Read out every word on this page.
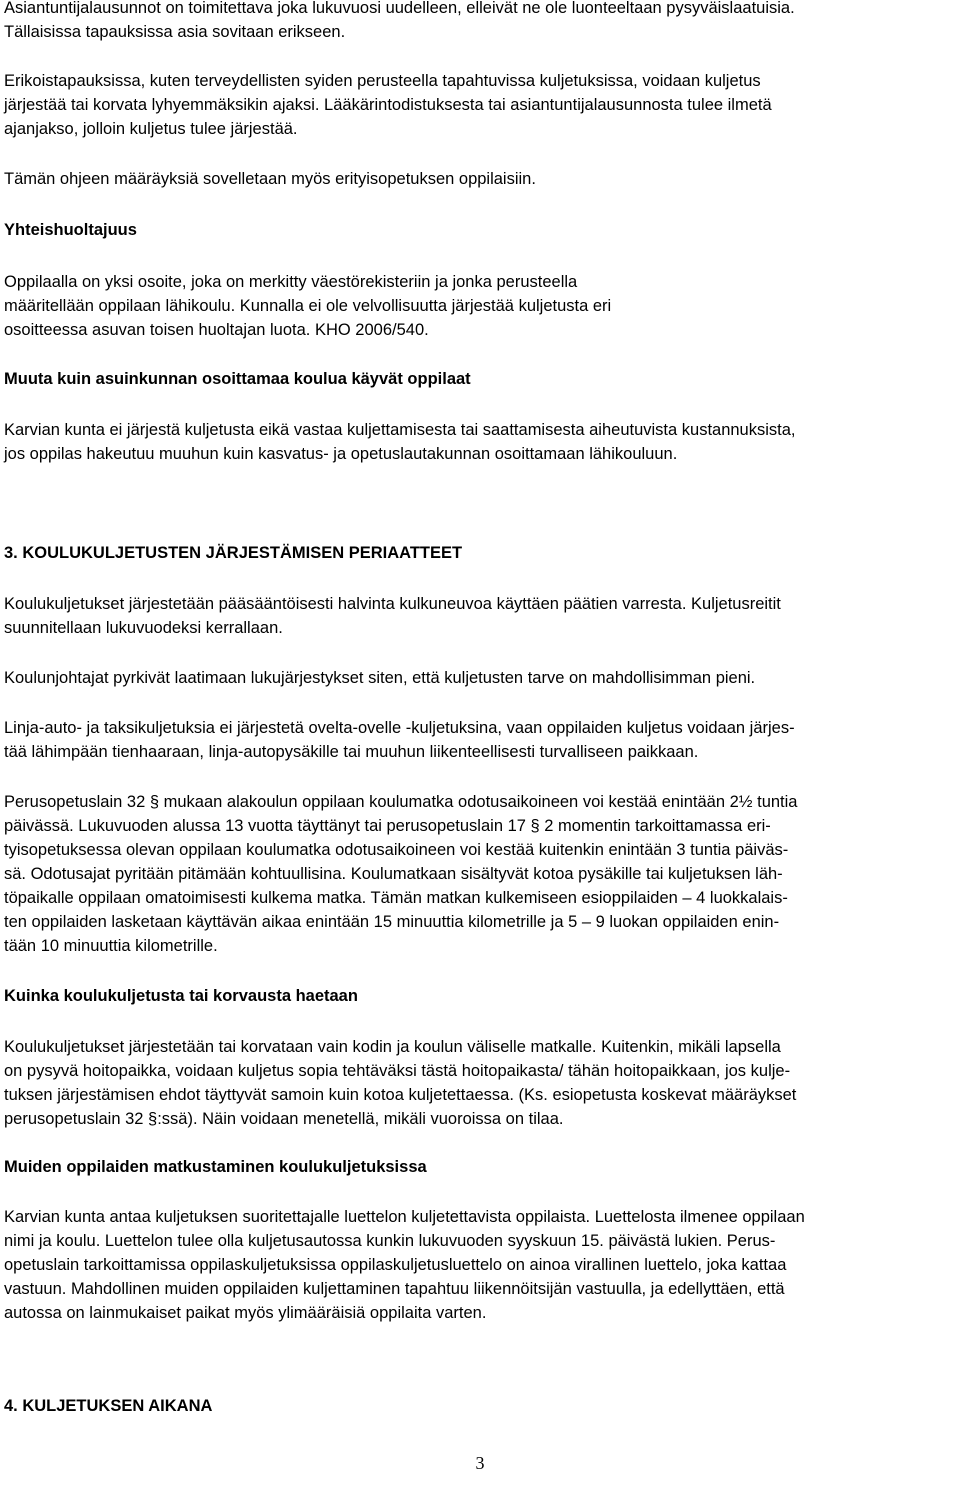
Asiantuntijalausunnot on toimitettava joka lukuvuosi uudelleen, elleivät ne ole luonteeltaan pysyväislaatuisia.
Tällaisissa tapauksissa asia sovitaan erikseen.
Erikoistapauksissa, kuten terveydellisten syiden perusteella tapahtuvissa kuljetuksissa, voidaan kuljetus
järjestää tai korvata lyhyemmäksikin ajaksi. Lääkärintodistuksesta tai asiantuntijalausunnosta tulee ilmetä
ajanjakso, jolloin kuljetus tulee järjestää.
Tämän ohjeen määräyksiä sovelletaan myös erityisopetuksen oppilaisiin.
Yhteishuoltajuus
Oppilaalla on yksi osoite, joka on merkitty väestörekisteriin ja jonka perusteella
määritellään oppilaan lähikoulu. Kunnalla ei ole velvollisuutta järjestää kuljetusta eri
osoitteessa asuvan toisen huoltajan luota. KHO 2006/540.
Muuta kuin asuinkunnan osoittamaa koulua käyvät oppilaat
Karvian kunta ei järjestä kuljetusta eikä vastaa kuljettamisesta tai saattamisesta aiheutuvista kustannuksista,
jos oppilas hakeutuu muuhun kuin kasvatus- ja opetuslautakunnan osoittamaan lähikouluun.
3. KOULUKULJETUSTEN JÄRJESTÄMISEN PERIAATTEET
Koulukuljetukset järjestetään pääsääntöisesti halvinta kulkuneuvoa käyttäen päätien varresta. Kuljetusreitit
suunnitellaan lukuvuodeksi kerrallaan.
Koulunjohtajat pyrkivät laatimaan lukujärjestykset siten, että kuljetusten tarve on mahdollisimman pieni.
Linja-auto- ja taksikuljetuksia ei järjestetä ovelta-ovelle -kuljetuksina, vaan oppilaiden kuljetus voidaan järjes-
tää lähimpään tienhaaraan, linja-autopysäkille tai muuhun liikenteellisesti turvalliseen paikkaan.
Perusopetuslain 32 § mukaan alakoulun oppilaan koulumatka odotusaikoineen voi kestää enintään 2½ tuntia
päivässä. Lukuvuoden alussa 13 vuotta täyttänyt tai perusopetuslain 17 § 2 momentin tarkoittamassa eri-
tyisopetuksessa olevan oppilaan koulumatka odotusaikoineen voi kestää kuitenkin enintään 3 tuntia päiväs-
sä. Odotusajat pyritään pitämään kohtuullisina. Koulumatkaan sisältyvät kotoa pysäkille tai kuljetuksen läh-
töpaikalle oppilaan omatoimisesti kulkema matka. Tämän matkan kulkemiseen esioppilaiden – 4 luokkalais-
ten oppilaiden lasketaan käyttävän aikaa enintään 15 minuuttia kilometrille ja 5 – 9 luokan oppilaiden enin-
tään 10 minuuttia kilometrille.
Kuinka koulukuljetusta tai korvausta haetaan
Koulukuljetukset järjestetään tai korvataan vain kodin ja koulun väliselle matkalle. Kuitenkin, mikäli lapsella
on pysyvä hoitopaikka, voidaan kuljetus sopia tehtäväksi tästä hoitopaikasta/ tähän hoitopaikkaan, jos kulje-
tuksen järjestämisen ehdot täyttyvät samoin kuin kotoa kuljetettaessa. (Ks. esiopetusta koskevat määräykset
perusopetuslain 32 §:ssä). Näin voidaan menetellä, mikäli vuoroissa on tilaa.
Muiden oppilaiden matkustaminen koulukuljetuksissa
Karvian kunta antaa kuljetuksen suoritettajalle luettelon kuljetettavista oppilaista. Luettelosta ilmenee oppilaan
nimi ja koulu. Luettelon tulee olla kuljetusautossa kunkin lukuvuoden syyskuun 15. päivästä lukien. Perus-
opetuslain tarkoittamissa oppilaskuljetuksissa oppilaskuljetusluettelo on ainoa virallinen luettelo, joka kattaa
vastuun. Mahdollinen muiden oppilaiden kuljettaminen tapahtuu liikennöitsijän vastuulla, ja edellyttäen, että
autossa on lainmukaiset paikat myös ylimääräisiä oppilaita varten.
4. KULJETUKSEN AIKANA
3
